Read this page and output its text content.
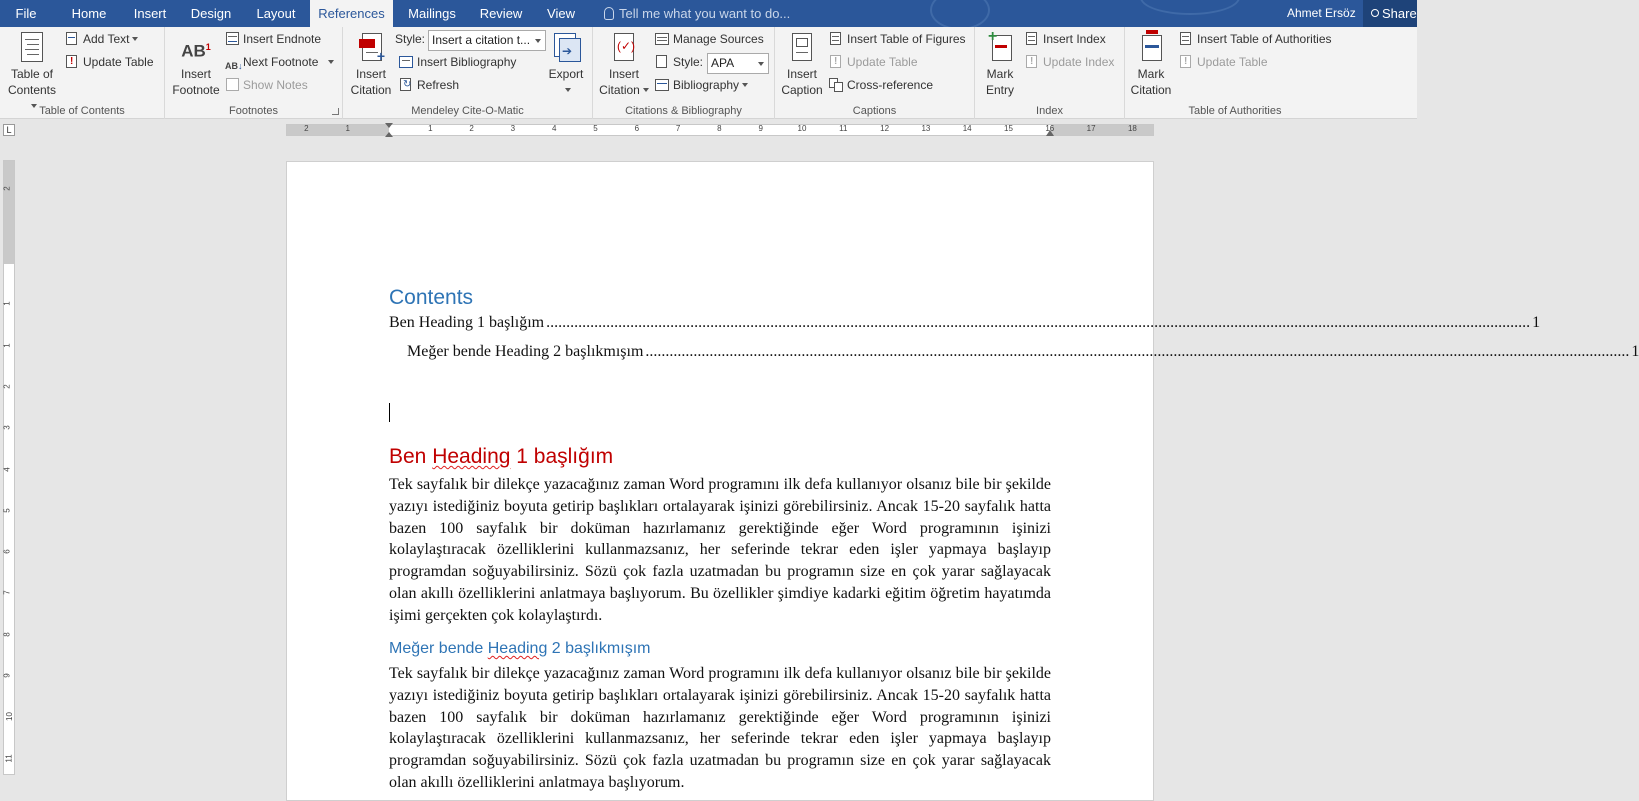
File	Home	Insert	Design	Layout	References	Mailings	Review	View	Tell me what you want to do...	Ahmet Ersöz	Share
Table of
Contents
Add Text
! Update Table
Table of Contents
$AB^1$
Insert
Footnote
Insert Endnote
AB↓Next Footnote
Show Notes
Footnotes
+
Insert
Citation
Style: Insert a citation t...
Insert Bibliography
↻ Refresh
➔
Export
Mendeley Cite-O-Matic
(✓)
Insert
Citation
Manage Sources
Style: APA
Bibliography
Citations & Bibliography
Insert
Caption
Insert Table of Figures
! Update Table
Cross-reference
Captions
+
Mark
Entry
Insert Index
! Update Index
Index
Mark
Citation
Insert Table of Authorities
! Update Table
Table of Authorities
L	2	1	1	2	3	4	5	6	7	8	9	10	11	12	13	14	15	16	17	18
2
1
1
2
3
4
5
6
7
8
9
10
11
Contents
Ben Heading 1 başlığım .....	1
Meğer bende Heading 2 başlıkmışım .....	1
Ben Heading 1 başlığım
Tek sayfalık bir dilekçe yazacağınız zaman Word programını ilk defa kullanıyor olsanız bile bir şekilde yazıyı istediğiniz boyuta getirip başlıkları ortalayarak işinizi görebilirsiniz. Ancak 15-20 sayfalık hatta bazen 100 sayfalık bir doküman hazırlamanız gerektiğinde eğer Word programının işinizi kolaylaştıracak özelliklerini kullanmazsanız, her seferinde tekrar eden işler yapmaya başlayıp programdan soğuyabilirsiniz. Sözü çok fazla uzatmadan bu programın size en çok yarar sağlayacak olan akıllı özelliklerini anlatmaya başlıyorum. Bu özellikler şimdiye kadarki eğitim öğretim hayatımda işimi gerçekten çok kolaylaştırdı.
Meğer bende Heading 2 başlıkmışım
Tek sayfalık bir dilekçe yazacağınız zaman Word programını ilk defa kullanıyor olsanız bile bir şekilde yazıyı istediğiniz boyuta getirip başlıkları ortalayarak işinizi görebilirsiniz. Ancak 15-20 sayfalık hatta bazen 100 sayfalık bir doküman hazırlamanız gerektiğinde eğer Word programının işinizi kolaylaştıracak özelliklerini kullanmazsanız, her seferinde tekrar eden işler yapmaya başlayıp programdan soğuyabilirsiniz. Sözü çok fazla uzatmadan bu programın size en çok yarar sağlayacak olan akıllı özelliklerini anlatmaya başlıyorum.
